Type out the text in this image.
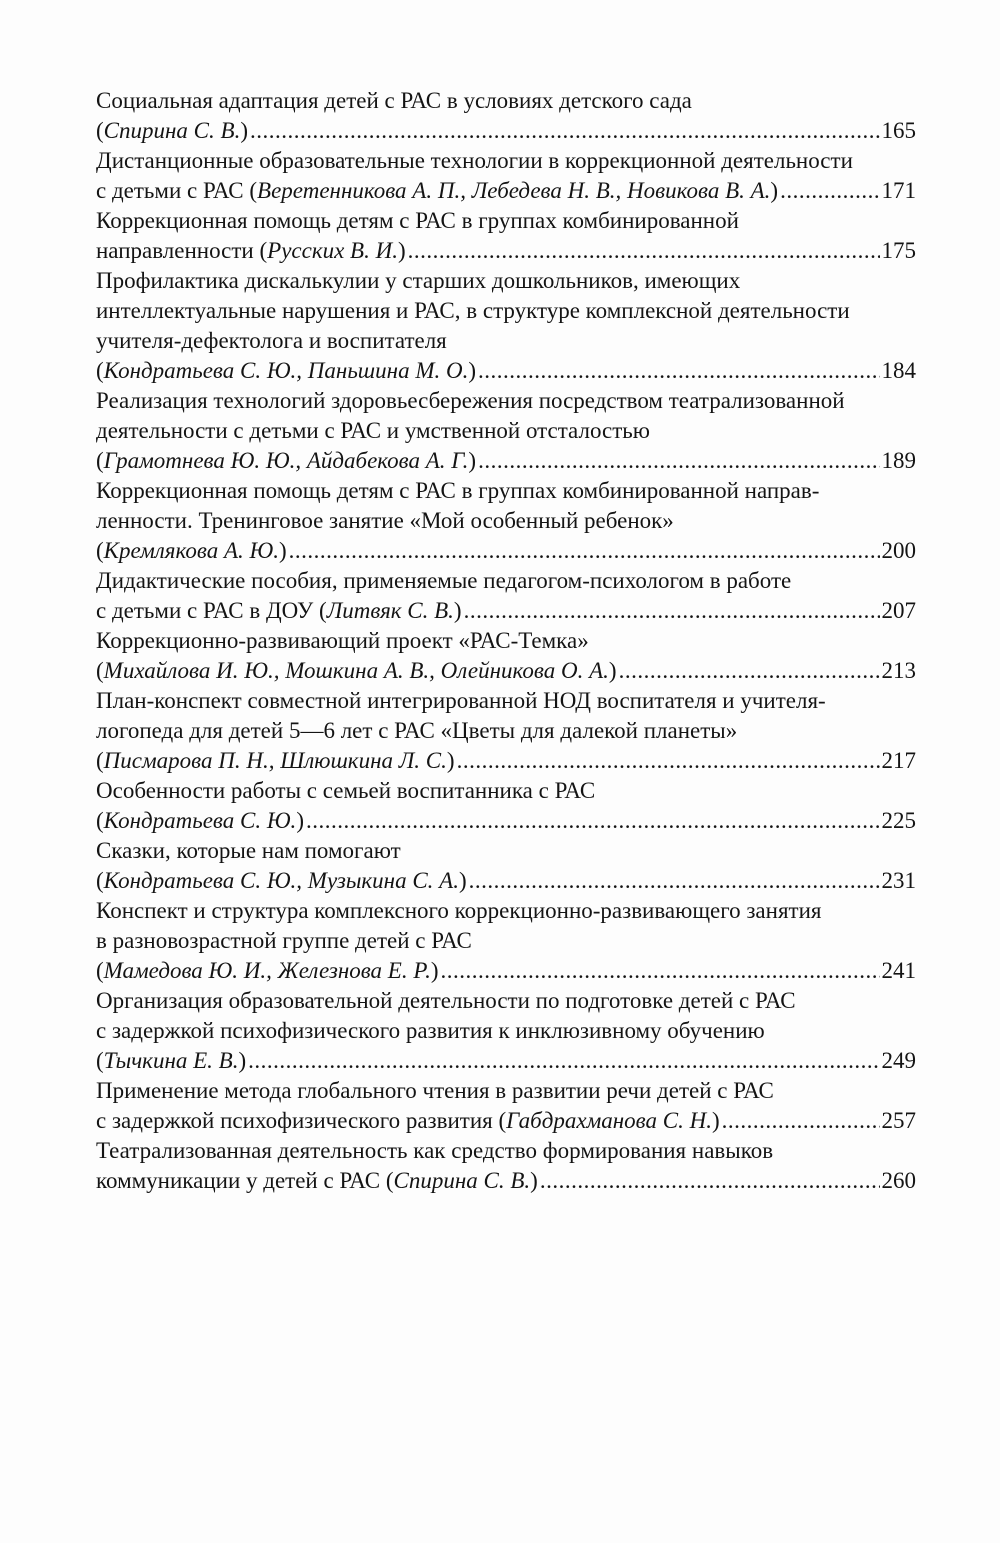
Социальная адаптация детей с РАС в условиях детского сада
(Спирина С. В.) .....	165
Дистанционные образовательные технологии в коррекционной деятельности
с детьми с РАС (Веретенникова А. П., Лебедева Н. В., Новикова В. А.) .....	171
Коррекционная помощь детям с РАС в группах комбинированной
направленности (Русских В. И.) .....	175
Профилактика дискалькулии у старших дошкольников, имеющих
интеллектуальные нарушения и РАС, в структуре комплексной деятельности
учителя-дефектолога и воспитателя
(Кондратьева С. Ю., Паньшина М. О.) .....	184
Реализация технологий здоровьесбережения посредством театрализованной
деятельности с детьми с РАС и умственной отсталостью
(Грамотнева Ю. Ю., Айдабекова А. Г.) .....	189
Коррекционная помощь детям с РАС в группах комбинированной направ-
ленности. Тренинговое занятие «Мой особенный ребенок»
(Кремлякова А. Ю.) .....	200
Дидактические пособия, применяемые педагогом-психологом в работе
с детьми с РАС в ДОУ (Литвяк С. В.) .....	207
Коррекционно-развивающий проект «РАС-Темка»
(Михайлова И. Ю., Мошкина А. В., Олейникова О. А.) .....	213
План-конспект совместной интегрированной НОД воспитателя и учителя-
логопеда для детей 5—6 лет с РАС «Цветы для далекой планеты»
(Писмарова П. Н., Шлюшкина Л. С.) .....	217
Особенности работы с семьей воспитанника с РАС
(Кондратьева С. Ю.) .....	225
Сказки, которые нам помогают
(Кондратьева С. Ю., Музыкина С. А.) .....	231
Конспект и структура комплексного коррекционно-развивающего занятия
в разновозрастной группе детей с РАС
(Мамедова Ю. И., Железнова Е. Р.) .....	241
Организация образовательной деятельности по подготовке детей с РАС
с задержкой психофизического развития к инклюзивному обучению
(Тычкина Е. В.) .....	249
Применение метода глобального чтения в развитии речи детей с РАС
с задержкой психофизического развития (Габдрахманова С. Н.) .....	257
Театрализованная деятельность как средство формирования навыков
коммуникации у детей с РАС (Спирина С. В.) .....	260
